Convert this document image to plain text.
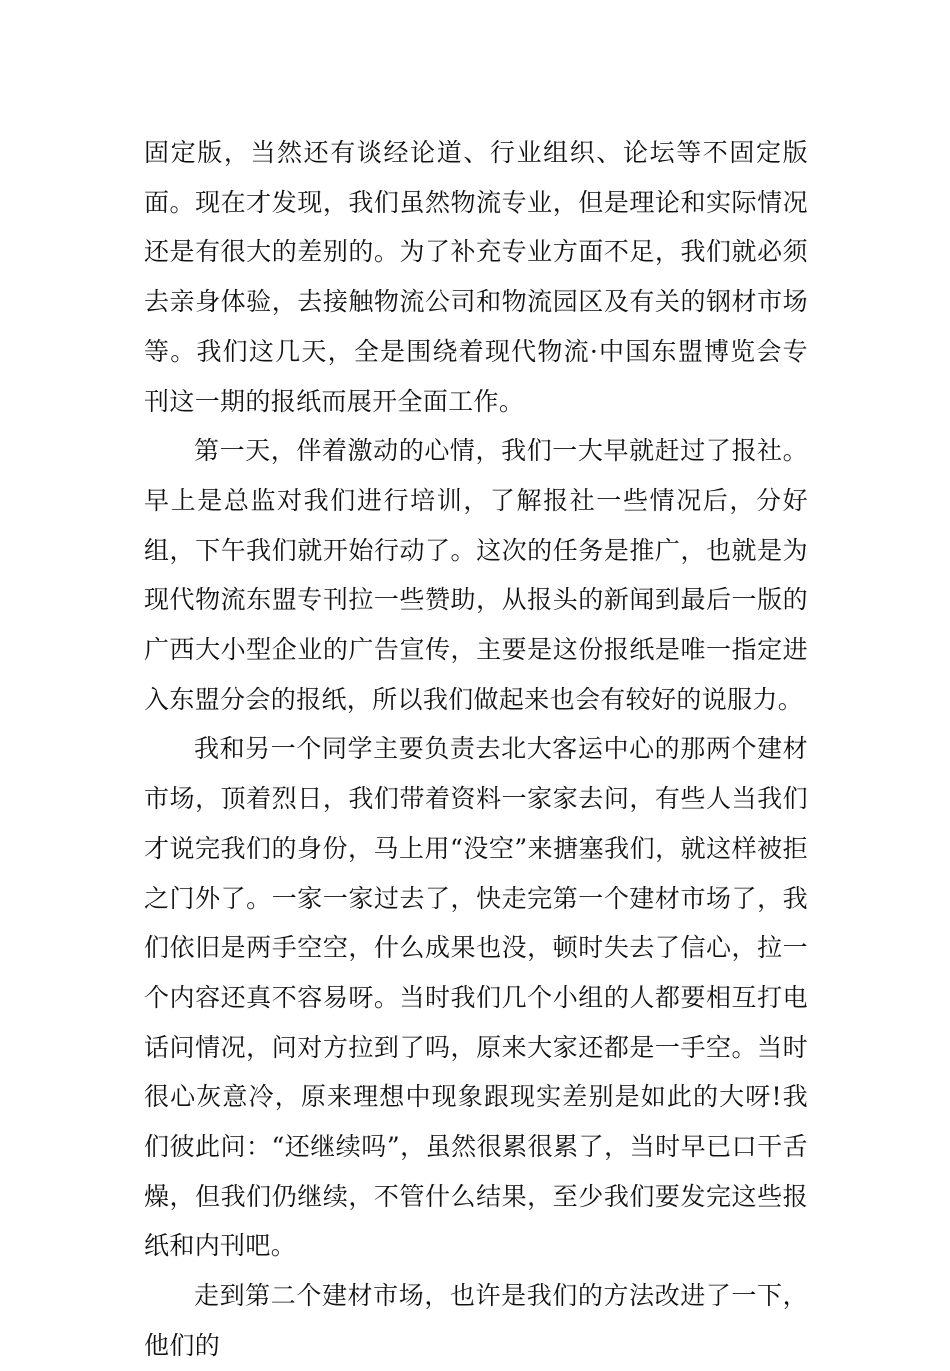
固定版，当然还有谈经论道、行业组织、论坛等不固定版面。现在才发现，我们虽然物流专业，但是理论和实际情况还是有很大的差别的。为了补充专业方面不足，我们就必须去亲身体验，去接触物流公司和物流园区及有关的钢材市场等。我们这几天，全是围绕着现代物流·中国东盟博览会专刊这一期的报纸而展开全面工作。

第一天，伴着激动的心情，我们一大早就赶过了报社。早上是总监对我们进行培训，了解报社一些情况后，分好组，下午我们就开始行动了。这次的任务是推广，也就是为现代物流东盟专刊拉一些赞助，从报头的新闻到最后一版的广西大小型企业的广告宣传，主要是这份报纸是唯一指定进入东盟分会的报纸，所以我们做起来也会有较好的说服力。

我和另一个同学主要负责去北大客运中心的那两个建材市场，顶着烈日，我们带着资料一家家去问，有些人当我们才说完我们的身份，马上用“没空”来搪塞我们，就这样被拒之门外了。一家一家过去了，快走完第一个建材市场了，我们依旧是两手空空，什么成果也没，顿时失去了信心，拉一个内容还真不容易呀。当时我们几个小组的人都要相互打电话问情况，问对方拉到了吗，原来大家还都是一手空。当时很心灰意冷，原来理想中现象跟现实差别是如此的大呀!我们彼此问：“还继续吗”，虽然很累很累了，当时早已口干舌燥，但我们仍继续，不管什么结果，至少我们要发完这些报纸和内刊吧。

走到第二个建材市场，也许是我们的方法改进了一下，他们的
